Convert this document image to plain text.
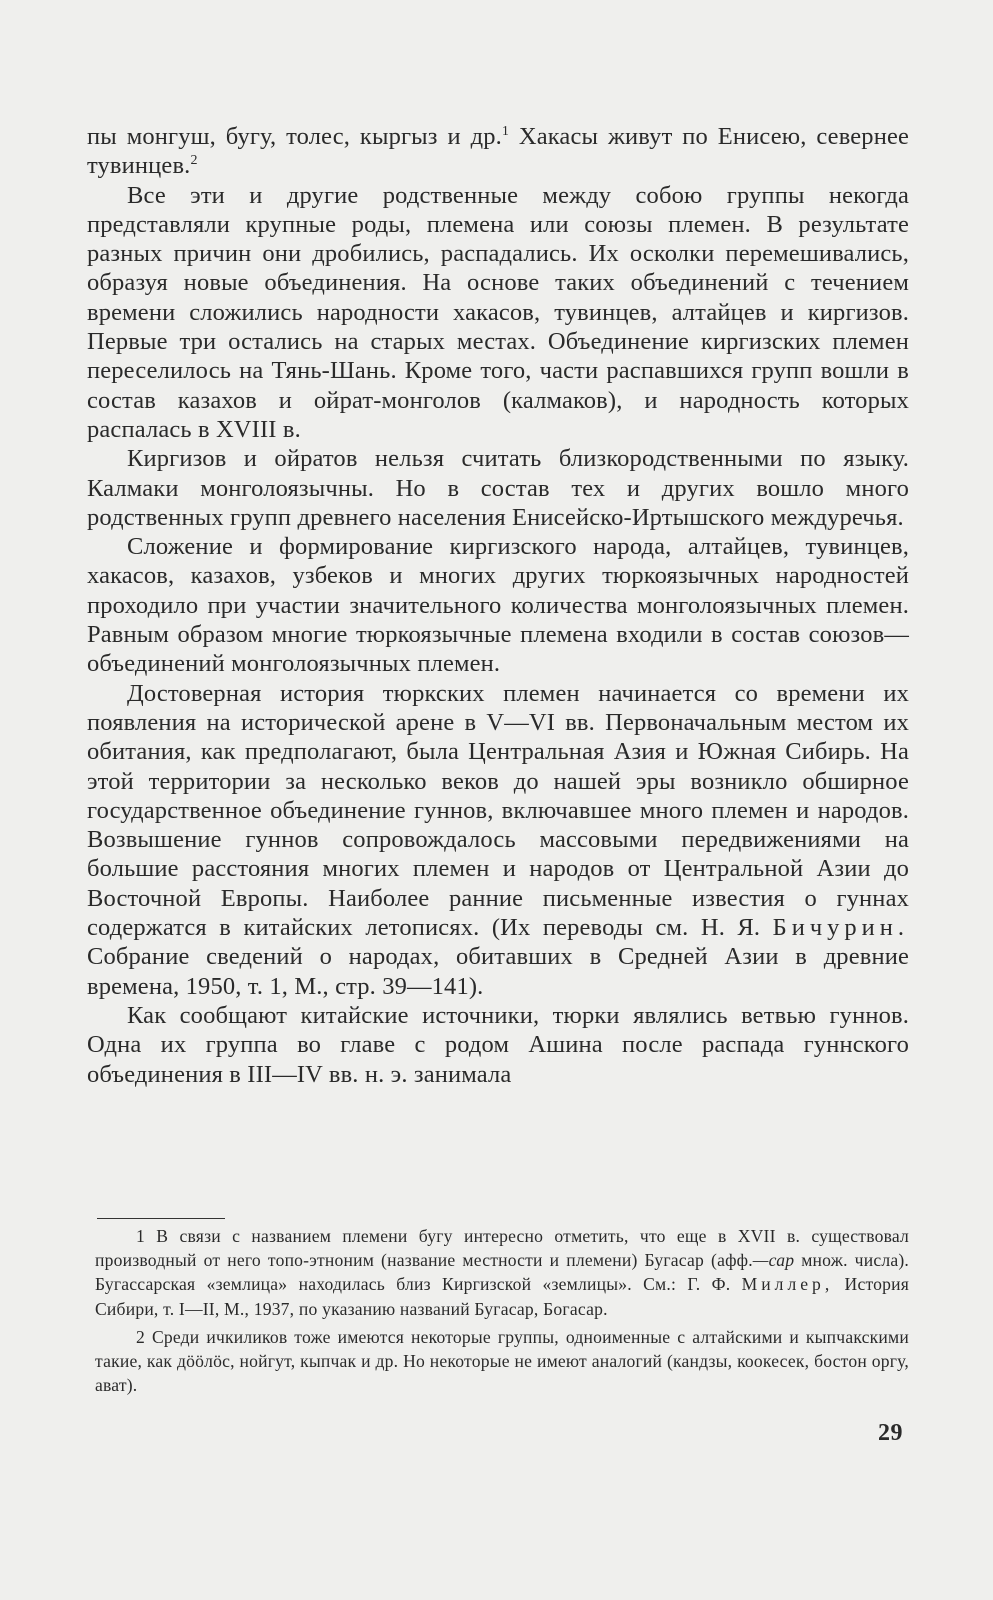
пы монгуш, бугу, толес, кыргыз и др.$^1$ Хакасы живут по Енисею, севернее тувинцев.$^2$

Все эти и другие родственные между собою группы некогда представляли крупные роды, племена или союзы племен. В результате разных причин они дробились, распадались. Их осколки перемешивались, образуя новые объединения. На основе таких объединений с течением времени сложились народности хакасов, тувинцев, алтайцев и киргизов. Первые три остались на старых местах. Объединение киргизских племен переселилось на Тянь-Шань. Кроме того, части распавшихся групп вошли в состав казахов и ойрат-монголов (калмаков), и народность которых распалась в XVIII в.

Киргизов и ойратов нельзя считать близкородственными по языку. Калмаки монголоязычны. Но в состав тех и других вошло много родственных групп древнего населения Енисейско-Иртышского междуречья.

Сложение и формирование киргизского народа, алтайцев, тувинцев, хакасов, казахов, узбеков и многих других тюркоязычных народностей проходило при участии значительного количества монголоязычных племен. Равным образом многие тюркоязычные племена входили в состав союзов—объединений монголоязычных племен.

Достоверная история тюркских племен начинается со времени их появления на исторической арене в V—VI вв. Первоначальным местом их обитания, как предполагают, была Центральная Азия и Южная Сибирь. На этой территории за несколько веков до нашей эры возникло обширное государственное объединение гуннов, включавшее много племен и народов. Возвышение гуннов сопровождалось массовыми передвижениями на большие расстояния многих племен и народов от Центральной Азии до Восточной Европы. Наиболее ранние письменные известия о гуннах содержатся в китайских летописях. (Их переводы см. Н. Я. Бичурин. Собрание сведений о народах, обитавших в Средней Азии в древние времена, 1950, т. 1, М., стр. 39—141).

Как сообщают китайские источники, тюрки являлись ветвью гуннов. Одна их группа во главе с родом Ашина после распада гуннского объединения в III—IV вв. н. э. занимала

1 В связи с названием племени бугу интересно отметить, что еще в XVII в. существовал производный от него топо-этноним (название местности и племени) Бугасар (афф.—сар множ. числа). Бугассарская «землица» находилась близ Киргизской «землицы». См.: Г. Ф. Миллер, История Сибири, т. I—II, М., 1937, по указанию названий Бугасар, Богасар.

2 Среди ичкиликов тоже имеются некоторые группы, одноименные с алтайскими и кыпчакскими такие, как дӧӧлӧс, нойгут, кыпчак и др. Но некоторые не имеют аналогий (кандзы, коокесек, бостон оргу, ават).

29
